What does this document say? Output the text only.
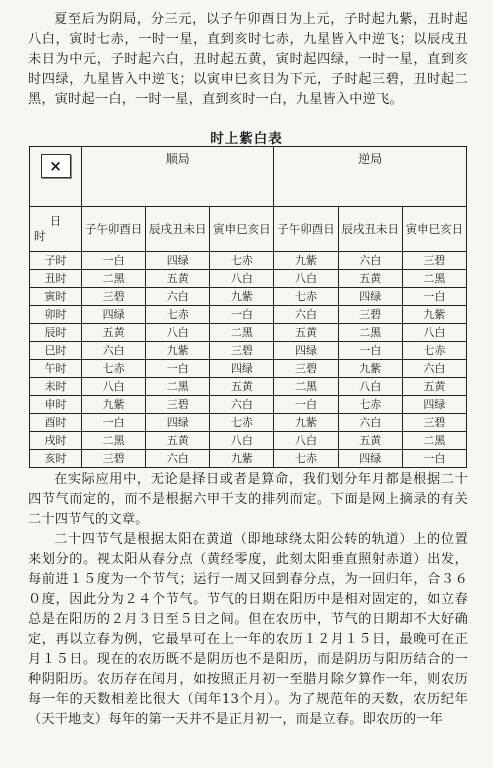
夏至后为阴局，分三元，以子午卯酉日为上元，子时起九紫，丑时起八白，寅时七赤，一时一星，直到亥时七赤，九星皆入中逆飞；以辰戌丑未日为中元，子时起六白，丑时起五黄，寅时起四绿，一时一星，直到亥时四绿，九星皆入中逆飞；以寅申巳亥日为下元，子时起三碧，丑时起二黑，寅时起一白，一时一星，直到亥时一白，九星皆入中逆飞。

时上紫白表
×	顺局			逆局		

日
时	子午卯酉日	辰戌丑未日	寅申巳亥日	子午卯酉日	辰戌丑未日	寅申巳亥日
子时	一白	四绿	七赤	九紫	六白	三碧
丑时	二黑	五黄	八白	八白	五黄	二黑
寅时	三碧	六白	九紫	七赤	四绿	一白
卯时	四绿	七赤	一白	六白	三碧	九紫
辰时	五黄	八白	二黑	五黄	二黑	八白
巳时	六白	九紫	三碧	四绿	一白	七赤
午时	七赤	一白	四绿	三碧	九紫	六白
未时	八白	二黑	五黄	二黑	八白	五黄
申时	九紫	三碧	六白	一白	七赤	四绿
酉时	一白	四绿	七赤	九紫	六白	三碧
戌时	二黑	五黄	八白	八白	五黄	二黑
亥时	三碧	六白	九紫	七赤	四绿	一白

在实际应用中，无论是择日或者是算命，我们划分年月都是根据二十四节气而定的，而不是根据六甲干支的排列而定。下面是网上摘录的有关二十四节气的文章。

二十四节气是根据太阳在黄道（即地球绕太阳公转的轨道）上的位置来划分的。视太阳从春分点（黄经零度，此刻太阳垂直照射赤道）出发，每前进１５度为一个节气；运行一周又回到春分点，为一回归年，合３６０度，因此分为２４个节气。节气的日期在阳历中是相对固定的，如立春总是在阳历的２月３日至５日之间。但在农历中，节气的日期却不大好确定，再以立春为例，它最早可在上一年的农历１２月１５日，最晚可在正月１５日。现在的农历既不是阴历也不是阳历，而是阴历与阳历结合的一种阴阳历。农历存在闰月，如按照正月初一至腊月除夕算作一年，则农历每一年的天数相差比很大（闰年13个月）。为了规范年的天数，农历纪年（天干地支）每年的第一天并不是正月初一，而是立春。即农历的一年
